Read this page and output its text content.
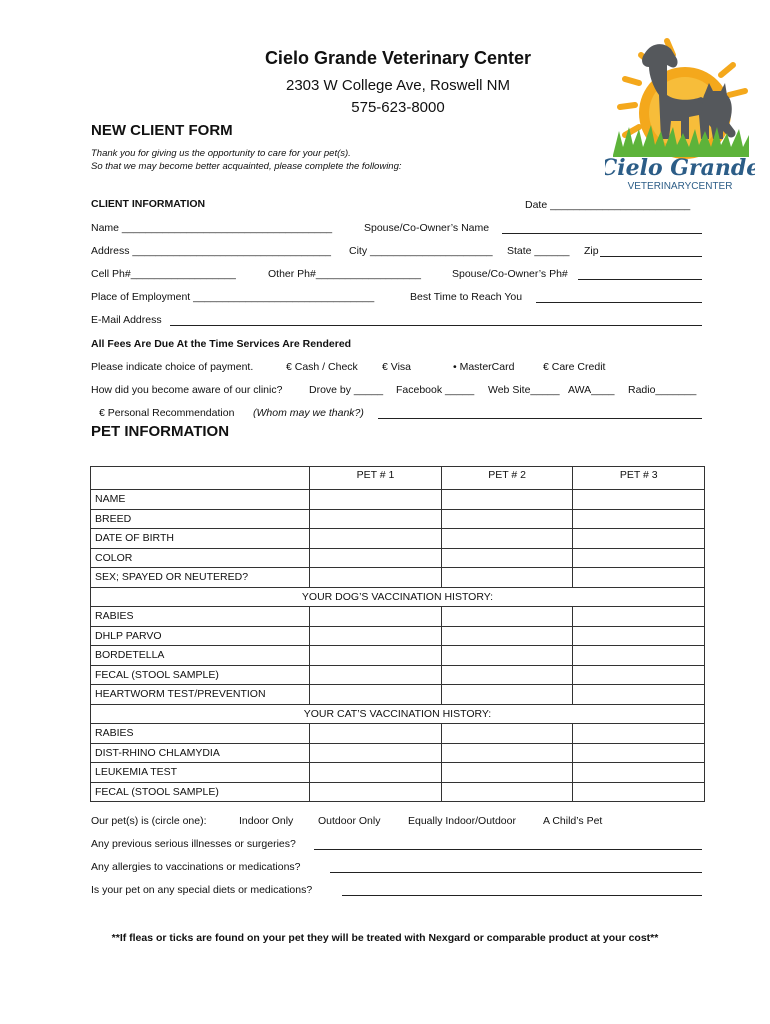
Cielo Grande Veterinary Center
2303 W College Ave, Roswell NM
575-623-8000
Cielo Grande
VETERINARYCENTER
NEW CLIENT FORM
Thank you for giving us the opportunity to care for your pet(s).
So that we may become better acquainted, please complete the following:
CLIENT INFORMATION	Date ________________________
Name ____________________________________	Spouse/Co-Owner’s Name
Address __________________________________ City _____________________ State ______ Zip
Cell Ph#__________________	Other Ph#__________________	Spouse/Co-Owner’s Ph#
Place of Employment _______________________________	Best Time to Reach You
E-Mail Address
All Fees Are Due At the Time Services Are Rendered
Please indicate choice of payment.	€ Cash / Check € Visa	• MasterCard	€ Care Credit
How did you become aware of our clinic?	Drove by _____ Facebook _____ Web Site_____ AWA____ Radio_______
€ Personal Recommendation (Whom may we thank?)
PET INFORMATION
	PET # 1	PET # 2	PET # 3
NAME			
BREED			
DATE OF BIRTH			
COLOR			
SEX; SPAYED OR NEUTERED?			
YOUR DOG’S VACCINATION HISTORY:			
RABIES			
DHLP PARVO			
BORDETELLA			
FECAL (STOOL SAMPLE)			
HEARTWORM TEST/PREVENTION			
YOUR CAT’S VACCINATION HISTORY:			
RABIES			
DIST-RHINO CHLAMYDIA			
LEUKEMIA TEST			
FECAL (STOOL SAMPLE)			
Our pet(s) is (circle one):	Indoor Only Outdoor Only	Equally Indoor/Outdoor	A Child’s Pet
Any previous serious illnesses or surgeries?
Any allergies to vaccinations or medications?
Is your pet on any special diets or medications?
**If fleas or ticks are found on your pet they will be treated with Nexgard or comparable product at your cost**
